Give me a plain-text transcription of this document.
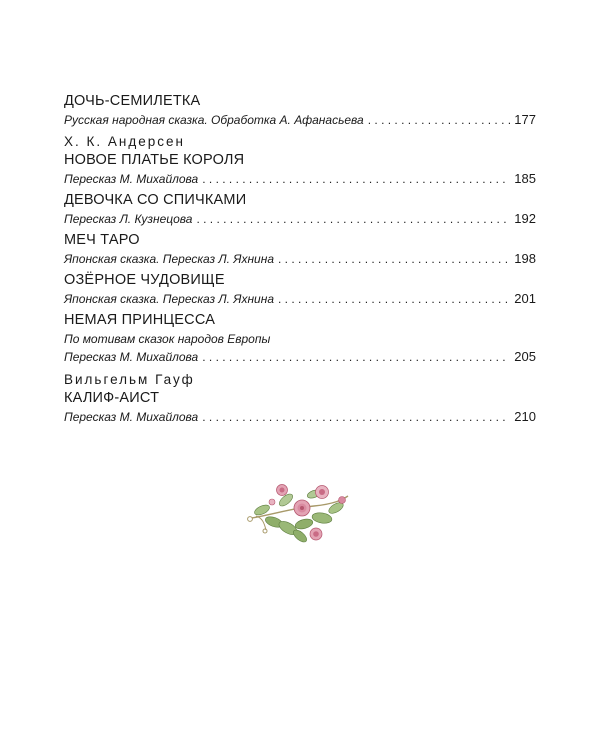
ДОЧЬ-СЕМИЛЕТКА
Русская народная сказка. Обработка А. Афанасьева . . .	177
Х. К. Андерсен
НОВОЕ ПЛАТЬЕ КОРОЛЯ
Пересказ М. Михайлова . . .	185
ДЕВОЧКА СО СПИЧКАМИ
Пересказ Л. Кузнецова . . .	192
МЕЧ ТАРО
Японская сказка. Пересказ Л. Яхнина . . .	198
ОЗЁРНОЕ ЧУДОВИЩЕ
Японская сказка. Пересказ Л. Яхнина . . .	201
НЕМАЯ ПРИНЦЕССА
По мотивам сказок народов Европы
Пересказ М. Михайлова . . .	205
Вильгельм Гауф
КАЛИФ-АИСТ
Пересказ М. Михайлова . . .	210
